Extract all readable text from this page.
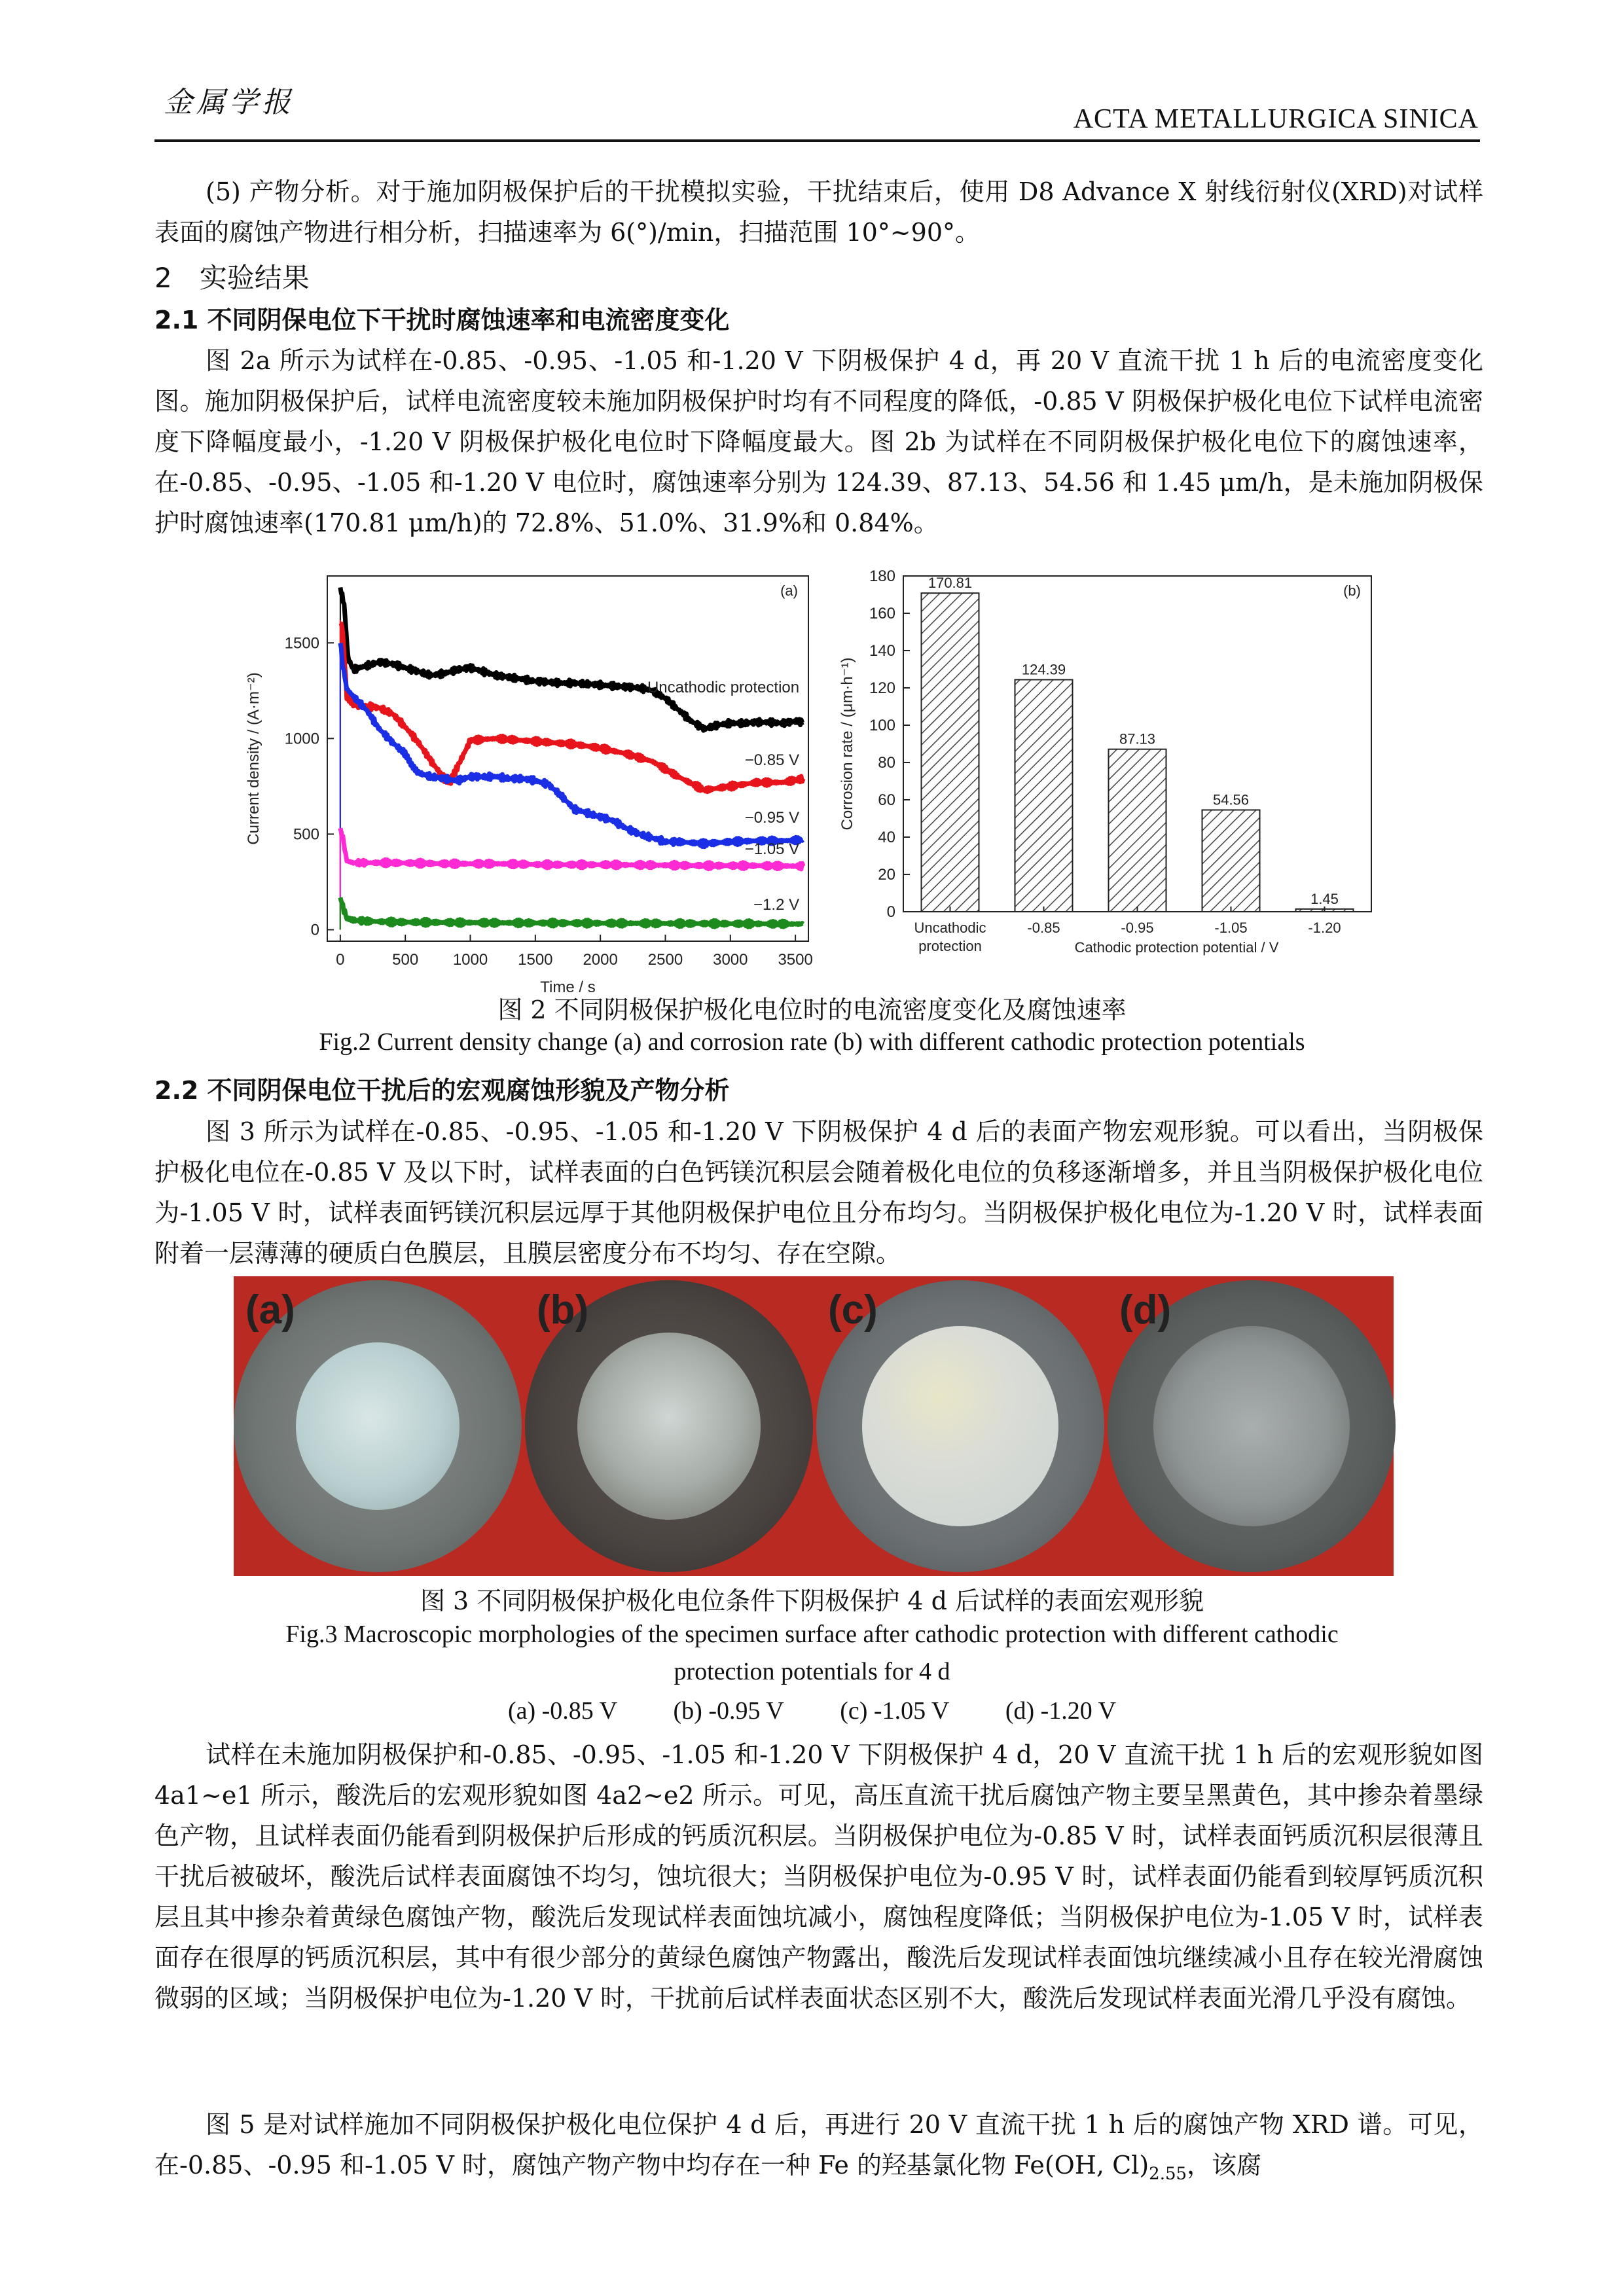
金属学报	ACTA METALLURGICA SINICA
(5) 产物分析。对于施加阴极保护后的干扰模拟实验，干扰结束后，使用 D8 Advance X 射线衍射仪(XRD)对试样表面的腐蚀产物进行相分析，扫描速率为 6(°)/min，扫描范围 10°~90°。
2　实验结果
2.1 不同阴保电位下干扰时腐蚀速率和电流密度变化
图 2a 所示为试样在-0.85、-0.95、-1.05 和-1.20 V 下阴极保护 4 d，再 20 V 直流干扰 1 h 后的电流密度变化图。施加阴极保护后，试样电流密度较未施加阴极保护时均有不同程度的降低，-0.85 V 阴极保护极化电位下试样电流密度下降幅度最小，-1.20 V 阴极保护极化电位时下降幅度最大。图 2b 为试样在不同阴极保护极化电位下的腐蚀速率，在-0.85、-0.95、-1.05 和-1.20 V 电位时，腐蚀速率分别为 124.39、87.13、54.56 和 1.45 μm/h，是未施加阴极保护时腐蚀速率(170.81 μm/h)的 72.8%、51.0%、31.9%和 0.84%。
0	500 1000 1500 2000 2500 3000 3500
0
500
1000
1500
Time / s
Current density / (A·m⁻²)
(a)
Uncathodic protection
−0.85 V
−0.95 V
−1.05 V
−1.2 V	0
20
40
60
80
100
120
140
160
180
Corrosion rate / (μm·h⁻¹)
(b)
170.81
Uncathodic
protection
124.39
-0.85
87.13
-0.95
54.56
-1.05
1.45
-1.20
Cathodic protection potential / V
图 2 不同阴极保护极化电位时的电流密度变化及腐蚀速率
Fig.2 Current density change (a) and corrosion rate (b) with different cathodic protection potentials
2.2 不同阴保电位干扰后的宏观腐蚀形貌及产物分析
图 3 所示为试样在-0.85、-0.95、-1.05 和-1.20 V 下阴极保护 4 d 后的表面产物宏观形貌。可以看出，当阴极保护极化电位在-0.85 V 及以下时，试样表面的白色钙镁沉积层会随着极化电位的负移逐渐增多，并且当阴极保护极化电位为-1.05 V 时，试样表面钙镁沉积层远厚于其他阴极保护电位且分布均匀。当阴极保护极化电位为-1.20 V 时，试样表面附着一层薄薄的硬质白色膜层，且膜层密度分布不均匀、存在空隙。
(a)	(b)	(c)	(d)
图 3 不同阴极保护极化电位条件下阴极保护 4 d 后试样的表面宏观形貌
Fig.3 Macroscopic morphologies of the specimen surface after cathodic protection with different cathodic
protection potentials for 4 d
(a) -0.85 V (b) -0.95 V (c) -1.05 V (d) -1.20 V
试样在未施加阴极保护和-0.85、-0.95、-1.05 和-1.20 V 下阴极保护 4 d，20 V 直流干扰 1 h 后的宏观形貌如图 4a1~e1 所示，酸洗后的宏观形貌如图 4a2~e2 所示。可见，高压直流干扰后腐蚀产物主要呈黑黄色，其中掺杂着墨绿色产物，且试样表面仍能看到阴极保护后形成的钙质沉积层。当阴极保护电位为-0.85 V 时，试样表面钙质沉积层很薄且干扰后被破坏，酸洗后试样表面腐蚀不均匀，蚀坑很大；当阴极保护电位为-0.95 V 时，试样表面仍能看到较厚钙质沉积层且其中掺杂着黄绿色腐蚀产物，酸洗后发现试样表面蚀坑减小，腐蚀程度降低；当阴极保护电位为-1.05 V 时，试样表面存在很厚的钙质沉积层，其中有很少部分的黄绿色腐蚀产物露出，酸洗后发现试样表面蚀坑继续减小且存在较光滑腐蚀微弱的区域；当阴极保护电位为-1.20 V 时，干扰前后试样表面状态区别不大，酸洗后发现试样表面光滑几乎没有腐蚀。
图 5 是对试样施加不同阴极保护极化电位保护 4 d 后，再进行 20 V 直流干扰 1 h 后的腐蚀产物 XRD 谱。可见，在-0.85、-0.95 和-1.05 V 时，腐蚀产物产物中均存在一种 Fe 的羟基氯化物 Fe(OH, $Cl)_{2.55}$，该腐
